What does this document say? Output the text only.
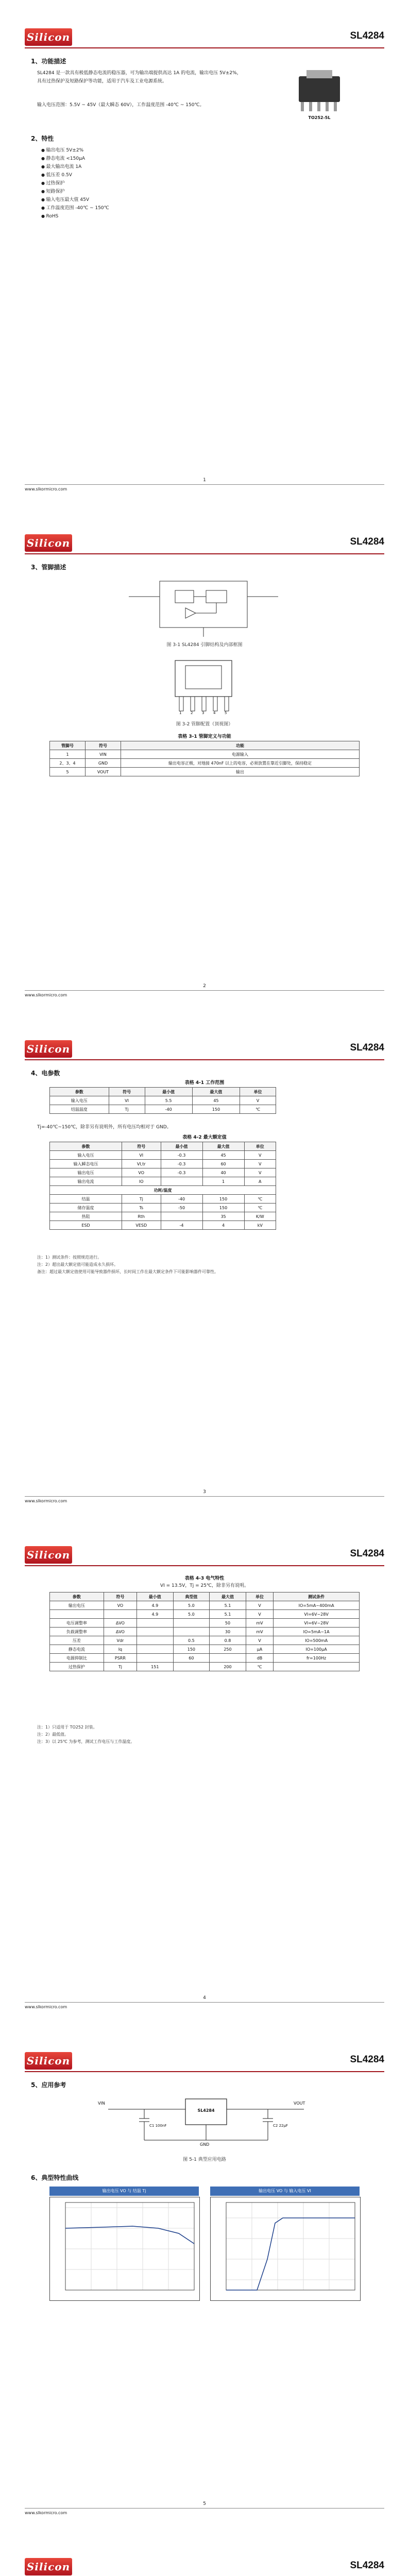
Silicon	SL4284
1、功能描述
SL4284 是一款具有极低静态电流的稳压器，可为输出端提供高达 1A 的电流，输出电压 5V±2%，具有过热保护及短路保护等功能，适用于汽车及工业电源系统。
输入电压范围：5.5V ~ 45V（最大瞬态 60V），工作温度范围 -40℃ ~ 150℃。
TO252-5L
2、特性
● 输出电压 5V±2%
● 静态电流 <150μA
● 最大输出电流 1A
● 低压差 0.5V
● 过热保护
● 短路保护
● 输入电压最大值 45V
● 工作温度范围 -40℃ ~ 150℃
● RoHS
1
www.slkormicro.com
Silicon	SL4284
3、管脚描述
图 3-1 SL4284 引脚结构及内部框图
1	2	3	4	5
图 3-2 管脚配置（顶视图）
表格 3-1 管脚定义与功能
管脚号	符号	功能
1	VIN	电源输入
2、3、4	GND	输出电容正极，对地接 470nF 以上的电容，必须放置在靠近引脚处，保持稳定
5	VOUT	输出
2
www.slkormicro.com
Silicon	SL4284
4、电参数
表格 4-1 工作范围
参数	符号	最小值	最大值	单位
输入电压	VI	5.5	45	V
结温温度	Tj	-40	150	℃
Tj=-40℃~150℃，除非另有说明外，所有电压均相对于 GND。
表格 4-2 最大额定值
参数	符号	最小值	最大值	单位
输入电压	VI	-0.3	45	V
输入瞬态电压	VI,tr	-0.3	60	V
输出电压	VO	-0.3	40	V
输出电流	IO		1	A
功耗/温度				
结温	Tj	-40	150	℃
储存温度	Ts	-50	150	℃
热阻	Rth		35	K/W
ESD	VESD	-4	4	kV
注：1）测试条件：按照规范进行。
注：2）超出最大额定值可能造成永久损坏。
备注：超过最大额定值使用可能导致器件损坏，长时间工作在最大额定条件下可能影响器件可靠性。
3
www.slkormicro.com
Silicon	SL4284
表格 4-3 电气特性
VI = 13.5V，Tj = 25℃，除非另有说明。
参数	符号	最小值	典型值	最大值	单位	测试条件
输出电压	VO	4.9	5.0	5.1	V	IO=5mA~400mA
		4.9	5.0	5.1	V	VI=6V~28V
电压调整率	ΔVO			50	mV	VI=6V~28V
负载调整率	ΔVO			30	mV	IO=5mA~1A
压差	Vdr		0.5	0.8	V	IO=500mA
静态电流	Iq		150	250	μA	IO=100μA
电源抑制比	PSRR		60		dB	fr=100Hz
过热保护	Tj	151		200	℃	
注：1）只适用于 TO252 封装。
注：2）最低值。
注：3）以 25℃ 为参考，测试工作电压与工作温度。
4
www.slkormicro.com
Silicon	SL4284
5、应用参考
VIN	VOUT
SL4284
GND
C1 100nF	C2 22μF
图 5-1 典型应用电路
6、典型特性曲线
输出电压 VO 与 结温 Tj	输出电压 VO 与 输入电压 VI
5
www.slkormicro.com
Silicon	SL4284
